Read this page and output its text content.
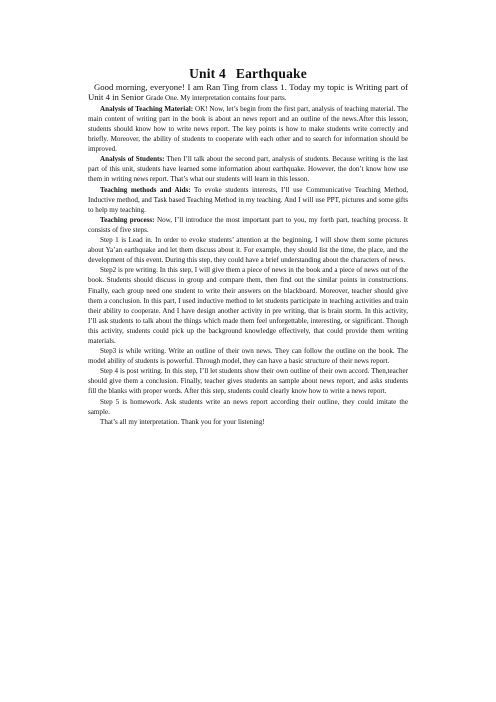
Unit 4 Earthquake

Good morning, everyone! I am Ran Ting from class 1. Today my topic is Writing part of Unit 4 in Senior Grade One. My interpretation contains four parts.

Analysis of Teaching Material: OK! Now, let’s begin from the first part, analysis of teaching material. The main content of writing part in the book is about an news report and an outline of the news.After this lesson, students should know how to write news report. The key points is how to make students write correctly and briefly. Moreover, the ability of students to cooperate with each other and to search for information should be improved.

Analysis of Students: Then I’ll talk about the second part, analysis of students. Because writing is the last part of this unit, students have learned some information about earthquake. However, the don’t know how use them in writing news report. That’s what our students will learn in this lesson.

Teaching methods and Aids: To evoke students interests, I’ll use Communicative Teaching Method, Inductive method, and Task based Teaching Method in my teaching. And I will use PPT, pictures and some gifts to help my teaching.

Teaching process: Now, I’ll introduce the most important part to you, my forth part, teaching process. It consists of five steps.

Step 1 is Lead in. In order to evoke students’ attention at the beginning, I will show them some pictures about Ya’an earthquake and let them discuss about it. For example, they should list the time, the place, and the development of this event. During this step, they could have a brief understanding about the characters of news.

Step2 is pre writing. In this step, I will give them a piece of news in the book and a piece of news out of the book. Students should discuss in group and compare them, then find out the similar points in constructions. Finally, each group need one student to write their answers on the blackboard. Moreover, teacher should give them a conclusion. In this part, I used inductive method to let students participate in teaching activities and train their ability to cooperate. And I have design another activity in pre writing, that is brain storm. In this activity, I’ll ask students to talk about the things which made them feel unforgettable, interesting, or significant. Though this activity, students could pick up the background knowledge effectively, that could provide them writing materials.

Step3 is while writing. Write an outline of their own news. They can follow the outline on the book. The model ability of students is powerful. Through model, they can have a basic structure of their news report.

Step 4 is post writing. In this step, I’ll let students show their own outline of their own accord. Then,teacher should give them a conclusion. Finally, teacher gives students an sample about news report, and asks students fill the blanks with proper words. After this step, students could clearly know how to write a news report.

Step 5 is homework. Ask students write an news report according their outline, they could imitate the sample.

That’s all my interpretation. Thank you for your listening!
